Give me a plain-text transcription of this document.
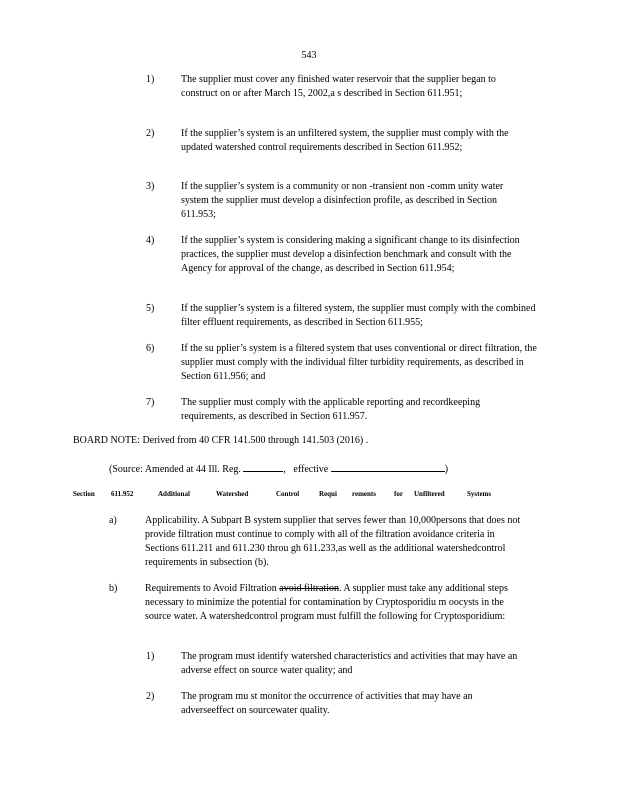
543
1)	The supplier must cover any finished water reservoir that the supplier began to construct on or after March 15, 2002,a s described in Section 611.951;
2)	If the supplier’s system is an unfiltered system, the supplier must comply with the updated watershed control requirements described in Section 611.952;
3)	If the supplier’s system is a community or non -transient non -comm unity water system the supplier must develop a disinfection profile, as described in Section 611.953;
4)	If the supplier’s system is considering making a significant change to its disinfection practices, the supplier must develop a disinfection benchmark and consult with the Agency for approval of the change, as described in Section 611.954;
5)	If the supplier’s system is a filtered system, the supplier must comply with the combined filter effluent requirements, as described in Section 611.955;
6)	If the su pplier’s system is a filtered system that uses conventional or direct filtration, the supplier must comply with the individual filter turbidity requirements, as described in Section 611.956; and
7)	The supplier must comply with the applicable reporting and recordkeeping requirements, as described in Section 611.957.
BOARD NOTE: Derived from 40 CFR 141.500 through 141.503 (2016) .
(Source: Amended at 44 Ill. Reg.	, effective	)
Section 611.952	Additional	Watershed	Control	Requi rements	for Unfiltered	Systems
a)	Applicability. A Subpart B system supplier that serves fewer than 10,000persons that does not provide filtration must continue to comply with all of the filtration avoidance criteria in Sections 611.211 and 611.230 throu gh 611.233,as well as the additional watershedcontrol requirements in subsection (b).
b)	Requirements to Avoid Filtration avoid filtration. A supplier must take any additional steps necessary to minimize the potential for contamination by Cryptosporidiu m oocysts in the source water. A watershedcontrol program must fulfill the following for Cryptosporidium:
1)	The program must identify watershed characteristics and activities that may have an adverse effect on source water quality; and
2)	The program mu st monitor the occurrence of activities that may have an adverseeffect on sourcewater quality.
